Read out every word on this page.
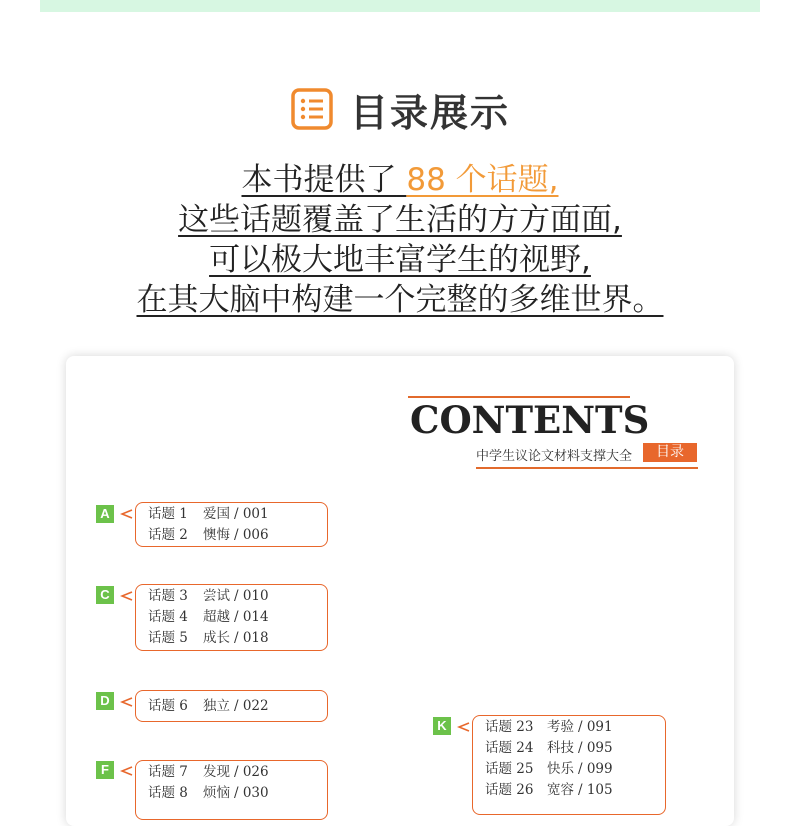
目录展示
本书提供了 88 个话题,
这些话题覆盖了生活的方方面面,
可以极大地丰富学生的视野,
在其大脑中构建一个完整的多维世界。
CONTENTS
中学生议论文材料支撑大全	目录
A	话题 1	爱国 / 001
话题 2	懊悔 / 006
C	话题 3	尝试 / 010
话题 4	超越 / 014
话题 5	成长 / 018
D	话题 6	独立 / 022
F	话题 7	发现 / 026
话题 8	烦恼 / 030
K	话题 23	考验 / 091
话题 24	科技 / 095
话题 25	快乐 / 099
话题 26	宽容 / 105
